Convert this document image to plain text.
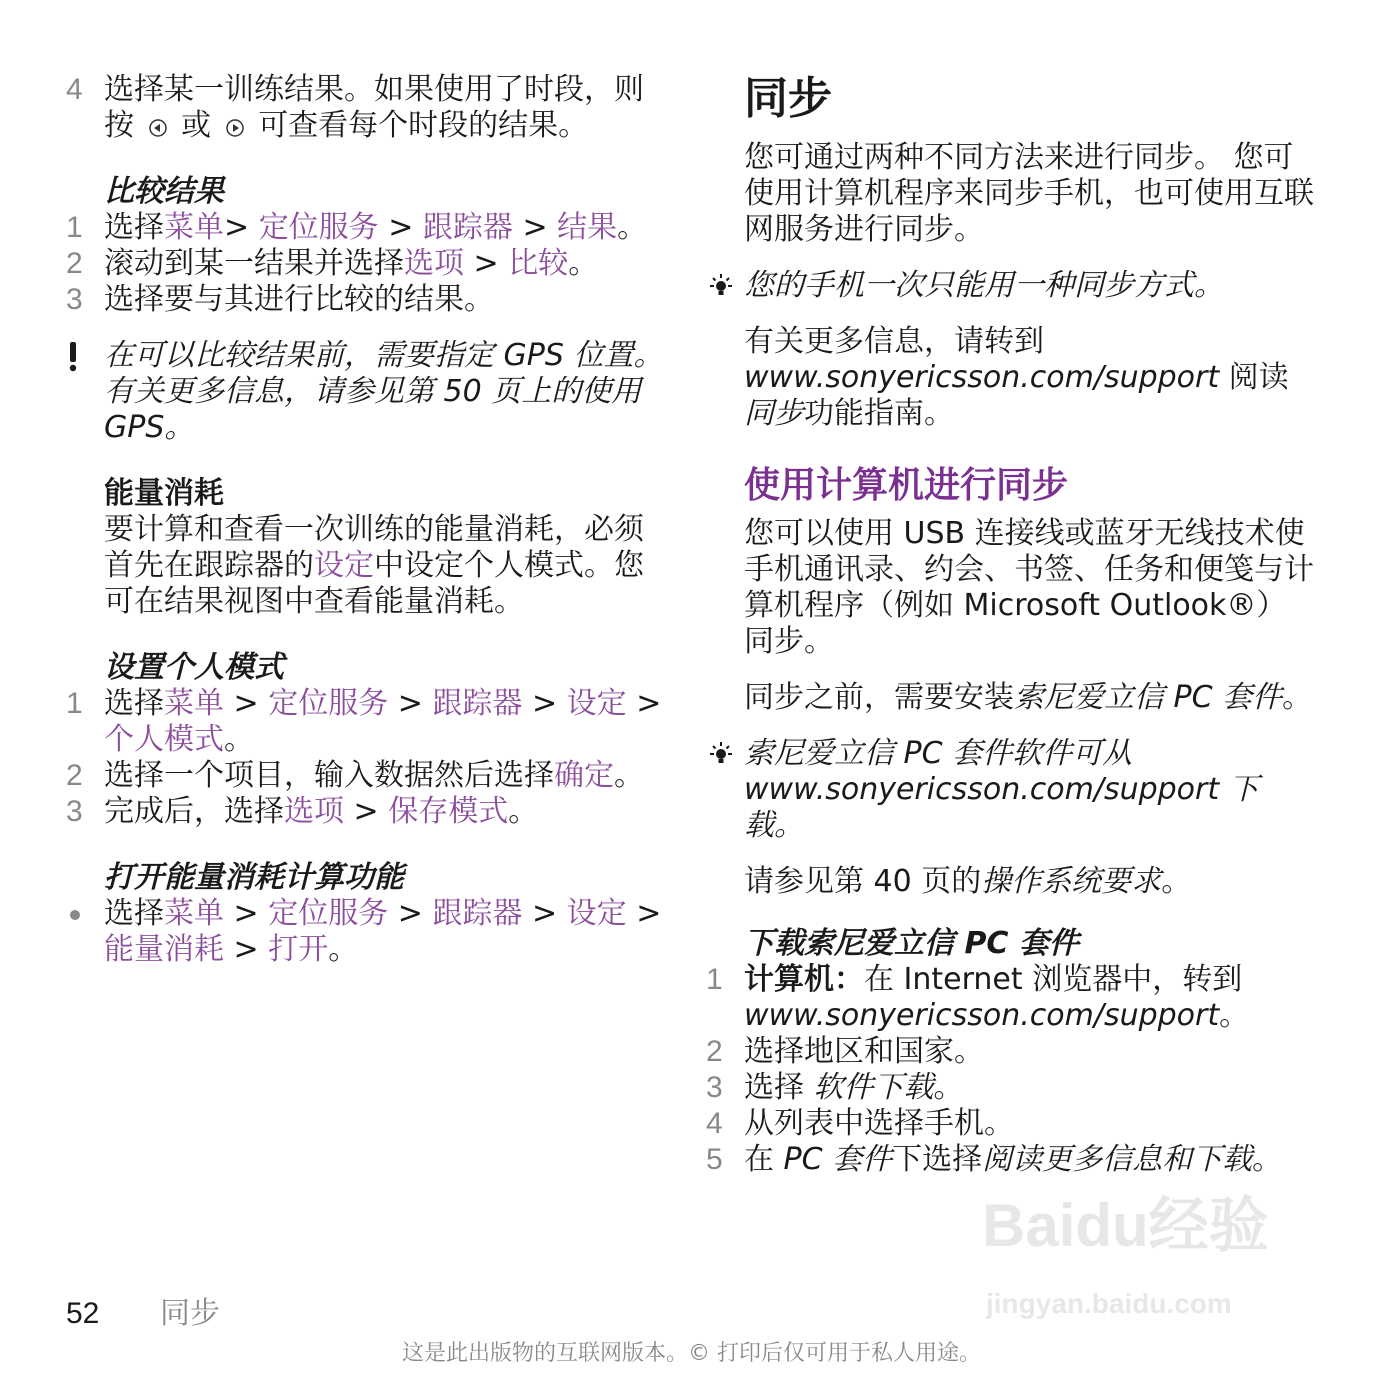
4 选择某一训练结果。如果使用了时段，则按 或 可查看每个时段的结果。

比较结果

1 选择菜单> 定位服务 > 跟踪器 > 结果。
2 滚动到某一结果并选择选项 > 比较。
3 选择要与其进行比较的结果。

在可以比较结果前，需要指定 GPS 位置。有关更多信息，请参见第 50 页上的使用 GPS。

能量消耗

要计算和查看一次训练的能量消耗，必须首先在跟踪器的设定中设定个人模式。您可在结果视图中查看能量消耗。

设置个人模式

1 选择菜单 > 定位服务 > 跟踪器 > 设定 > 个人模式。
2 选择一个项目，输入数据然后选择确定。
3 完成后，选择选项 > 保存模式。

打开能量消耗计算功能

选择菜单 > 定位服务 > 跟踪器 > 设定 > 能量消耗 > 打开。

同步

您可通过两种不同方法来进行同步。 您可使用计算机程序来同步手机，也可使用互联网服务进行同步。

您的手机一次只能用一种同步方式。

有关更多信息，请转到
www.sonyericsson.com/support 阅读
同步功能指南。

使用计算机进行同步

您可以使用 USB 连接线或蓝牙无线技术使手机通讯录、约会、书签、任务和便笺与计算机程序（例如 Microsoft Outlook®）同步。

同步之前，需要安装索尼爱立信 PC 套件。

索尼爱立信 PC 套件软件可从
www.sonyericsson.com/support 下载。

请参见第 40 页的操作系统要求。

下载索尼爱立信 PC 套件

1 计算机：在 Internet 浏览器中，转到
www.sonyericsson.com/support。
2 选择地区和国家。
3 选择 软件下载。
4 从列表中选择手机。
5 在 PC 套件下选择阅读更多信息和下载。
Baidu经验
jingyan.baidu.com
52 同步
这是此出版物的互联网版本。© 打印后仅可用于私人用途。
